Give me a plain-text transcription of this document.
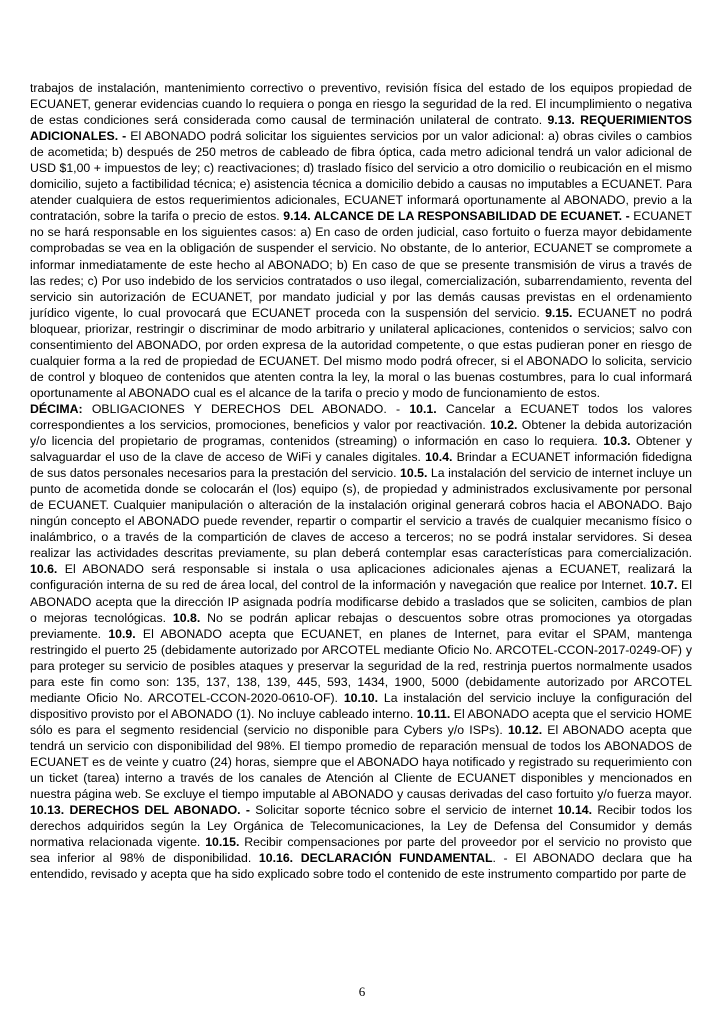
trabajos de instalación, mantenimiento correctivo o preventivo, revisión física del estado de los equipos propiedad de ECUANET, generar evidencias cuando lo requiera o ponga en riesgo la seguridad de la red. El incumplimiento o negativa de estas condiciones será considerada como causal de terminación unilateral de contrato. 9.13. REQUERIMIENTOS ADICIONALES. - El ABONADO podrá solicitar los siguientes servicios por un valor adicional: a) obras civiles o cambios de acometida; b) después de 250 metros de cableado de fibra óptica, cada metro adicional tendrá un valor adicional de USD $1,00 + impuestos de ley; c) reactivaciones; d) traslado físico del servicio a otro domicilio o reubicación en el mismo domicilio, sujeto a factibilidad técnica; e) asistencia técnica a domicilio debido a causas no imputables a ECUANET. Para atender cualquiera de estos requerimientos adicionales, ECUANET informará oportunamente al ABONADO, previo a la contratación, sobre la tarifa o precio de estos. 9.14. ALCANCE DE LA RESPONSABILIDAD DE ECUANET. - ECUANET no se hará responsable en los siguientes casos: a) En caso de orden judicial, caso fortuito o fuerza mayor debidamente comprobadas se vea en la obligación de suspender el servicio. No obstante, de lo anterior, ECUANET se compromete a informar inmediatamente de este hecho al ABONADO; b) En caso de que se presente transmisión de virus a través de las redes; c) Por uso indebido de los servicios contratados o uso ilegal, comercialización, subarrendamiento, reventa del servicio sin autorización de ECUANET, por mandato judicial y por las demás causas previstas en el ordenamiento jurídico vigente, lo cual provocará que ECUANET proceda con la suspensión del servicio. 9.15. ECUANET no podrá bloquear, priorizar, restringir o discriminar de modo arbitrario y unilateral aplicaciones, contenidos o servicios; salvo con consentimiento del ABONADO, por orden expresa de la autoridad competente, o que estas pudieran poner en riesgo de cualquier forma a la red de propiedad de ECUANET. Del mismo modo podrá ofrecer, si el ABONADO lo solicita, servicio de control y bloqueo de contenidos que atenten contra la ley, la moral o las buenas costumbres, para lo cual informará oportunamente al ABONADO cual es el alcance de la tarifa o precio y modo de funcionamiento de estos.

DÉCIMA: OBLIGACIONES Y DERECHOS DEL ABONADO. - 10.1. Cancelar a ECUANET todos los valores correspondientes a los servicios, promociones, beneficios y valor por reactivación. 10.2. Obtener la debida autorización y/o licencia del propietario de programas, contenidos (streaming) o información en caso lo requiera. 10.3. Obtener y salvaguardar el uso de la clave de acceso de WiFi y canales digitales. 10.4. Brindar a ECUANET información fidedigna de sus datos personales necesarios para la prestación del servicio. 10.5. La instalación del servicio de internet incluye un punto de acometida donde se colocarán el (los) equipo (s), de propiedad y administrados exclusivamente por personal de ECUANET. Cualquier manipulación o alteración de la instalación original generará cobros hacia el ABONADO. Bajo ningún concepto el ABONADO puede revender, repartir o compartir el servicio a través de cualquier mecanismo físico o inalámbrico, o a través de la compartición de claves de acceso a terceros; no se podrá instalar servidores. Si desea realizar las actividades descritas previamente, su plan deberá contemplar esas características para comercialización. 10.6. El ABONADO será responsable si instala o usa aplicaciones adicionales ajenas a ECUANET, realizará la configuración interna de su red de área local, del control de la información y navegación que realice por Internet. 10.7. El ABONADO acepta que la dirección IP asignada podría modificarse debido a traslados que se soliciten, cambios de plan o mejoras tecnológicas. 10.8. No se podrán aplicar rebajas o descuentos sobre otras promociones ya otorgadas previamente. 10.9. El ABONADO acepta que ECUANET, en planes de Internet, para evitar el SPAM, mantenga restringido el puerto 25 (debidamente autorizado por ARCOTEL mediante Oficio No. ARCOTEL-CCON-2017-0249-OF) y para proteger su servicio de posibles ataques y preservar la seguridad de la red, restrinja puertos normalmente usados para este fin como son: 135, 137, 138, 139, 445, 593, 1434, 1900, 5000 (debidamente autorizado por ARCOTEL mediante Oficio No. ARCOTEL-CCON-2020-0610-OF). 10.10. La instalación del servicio incluye la configuración del dispositivo provisto por el ABONADO (1). No incluye cableado interno. 10.11. El ABONADO acepta que el servicio HOME sólo es para el segmento residencial (servicio no disponible para Cybers y/o ISPs). 10.12. El ABONADO acepta que tendrá un servicio con disponibilidad del 98%. El tiempo promedio de reparación mensual de todos los ABONADOS de ECUANET es de veinte y cuatro (24) horas, siempre que el ABONADO haya notificado y registrado su requerimiento con un ticket (tarea) interno a través de los canales de Atención al Cliente de ECUANET disponibles y mencionados en nuestra página web. Se excluye el tiempo imputable al ABONADO y causas derivadas del caso fortuito y/o fuerza mayor. 10.13. DERECHOS DEL ABONADO. - Solicitar soporte técnico sobre el servicio de internet 10.14. Recibir todos los derechos adquiridos según la Ley Orgánica de Telecomunicaciones, la Ley de Defensa del Consumidor y demás normativa relacionada vigente. 10.15. Recibir compensaciones por parte del proveedor por el servicio no provisto que sea inferior al 98% de disponibilidad. 10.16. DECLARACIÓN FUNDAMENTAL. - El ABONADO declara que ha entendido, revisado y acepta que ha sido explicado sobre todo el contenido de este instrumento compartido por parte de

6
